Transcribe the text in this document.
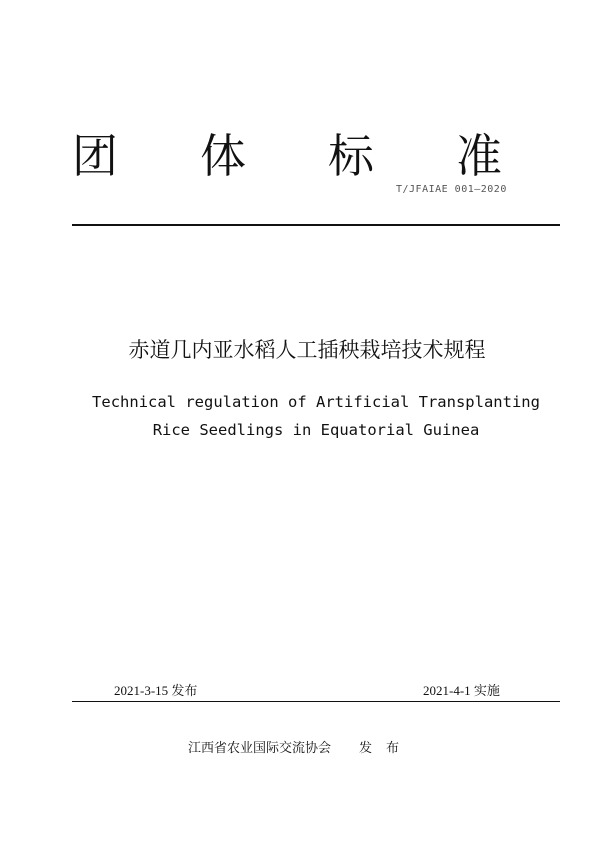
团 体 标 准
T/JFAIAE 001—2020
赤道几内亚水稻人工插秧栽培技术规程
Technical regulation of Artificial Transplanting Rice Seedlings in Equatorial Guinea
2021-3-15 发布	2021-4-1 实施
江西省农业国际交流协会 发布
